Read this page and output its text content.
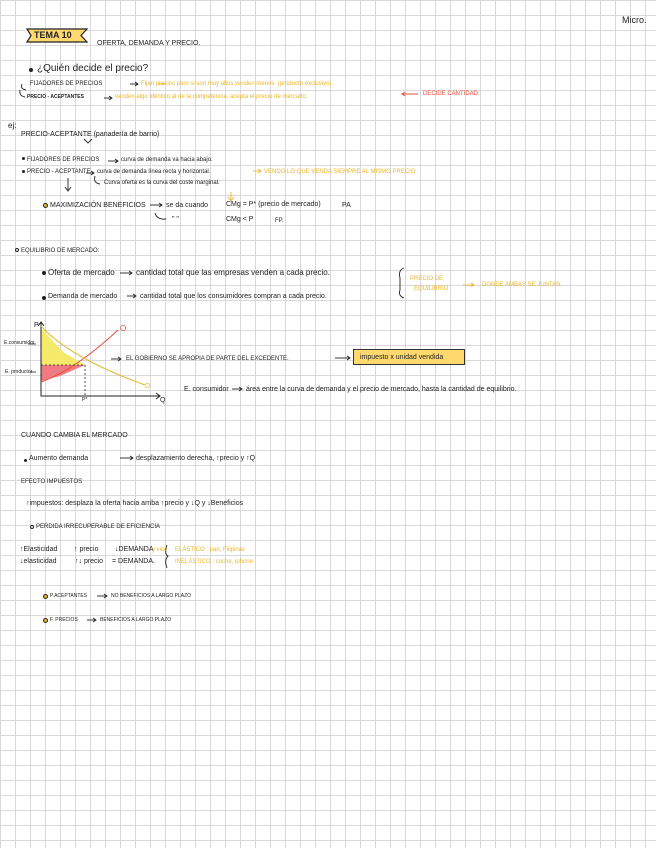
Micro.
TEMA 10
OFERTA, DEMANDA Y PRECIO.
¿Quién decide el precio?
FIJADORES DE PRECIOS	Fijan precios pero si son muy altos venden menos. (producto exclusivo).
PRECIO - ACEPTANTES	venden algo idéntico al de la competencia, acepta el precio de mercado.	DECIDE CANTIDAD.
ej:
PRECIO-ACEPTANTE (panadería de barrio)
FIJADORES DE PRECIOS	curva de demanda va hacia abajo.
PRECIO - ACEPTANTE curva de demanda línea recta y horizontal.	VENDO LO QUE VENDA SIEMPRE AL MISMO PRECIO
Curva oferta es la curva del coste marginal.
MAXIMIZACIÓN BENEFICIOS	se da cuando	CMg = P* (precio de mercado)	PA
" "	CMg < P	FP.
EQUILIBRIO DE MERCADO:
Oferta de mercado	cantidad total que las empresas venden a cada precio.
Demanda de mercado	cantidad total que los consumidores compran a cada precio.
PRECIO DE
EQUILIBRIO
DONDE AMBAS SE JUNTAN
P
Q
O
D
E.consumidor
E. productor
P*
EL GOBIERNO SE APROPIA DE PARTE DEL EXCEDENTE.	impuesto x unidad vendida
E. consumidor área entre la curva de demanda y el precio de mercado, hasta la cantidad de equilibrio.
CUANDO CAMBIA EL MERCADO
Aumento demanda	desplazamiento derecha, ↑precio y ↑Q
EFECTO IMPUESTOS
↑impuestos: desplaza la oferta hacia arriba ↑precio y ↓Q y ↓Beneficios
PERDIDA IRRECUPERABLE DE EFICIENCIA
↑Elasticidad ↑ precio ↓DEMANDA
y vice
↓elasticidad	↑↓ precio = DEMANDA.
ELÁSTICO : pan, Filipinas
INELÁSTICO : coche, iphone
P.ACEPTANTES	NO BENEFICIOS A LARGO PLAZO
F. PRECIOS	BENEFICIOS A LARGO PLAZO
